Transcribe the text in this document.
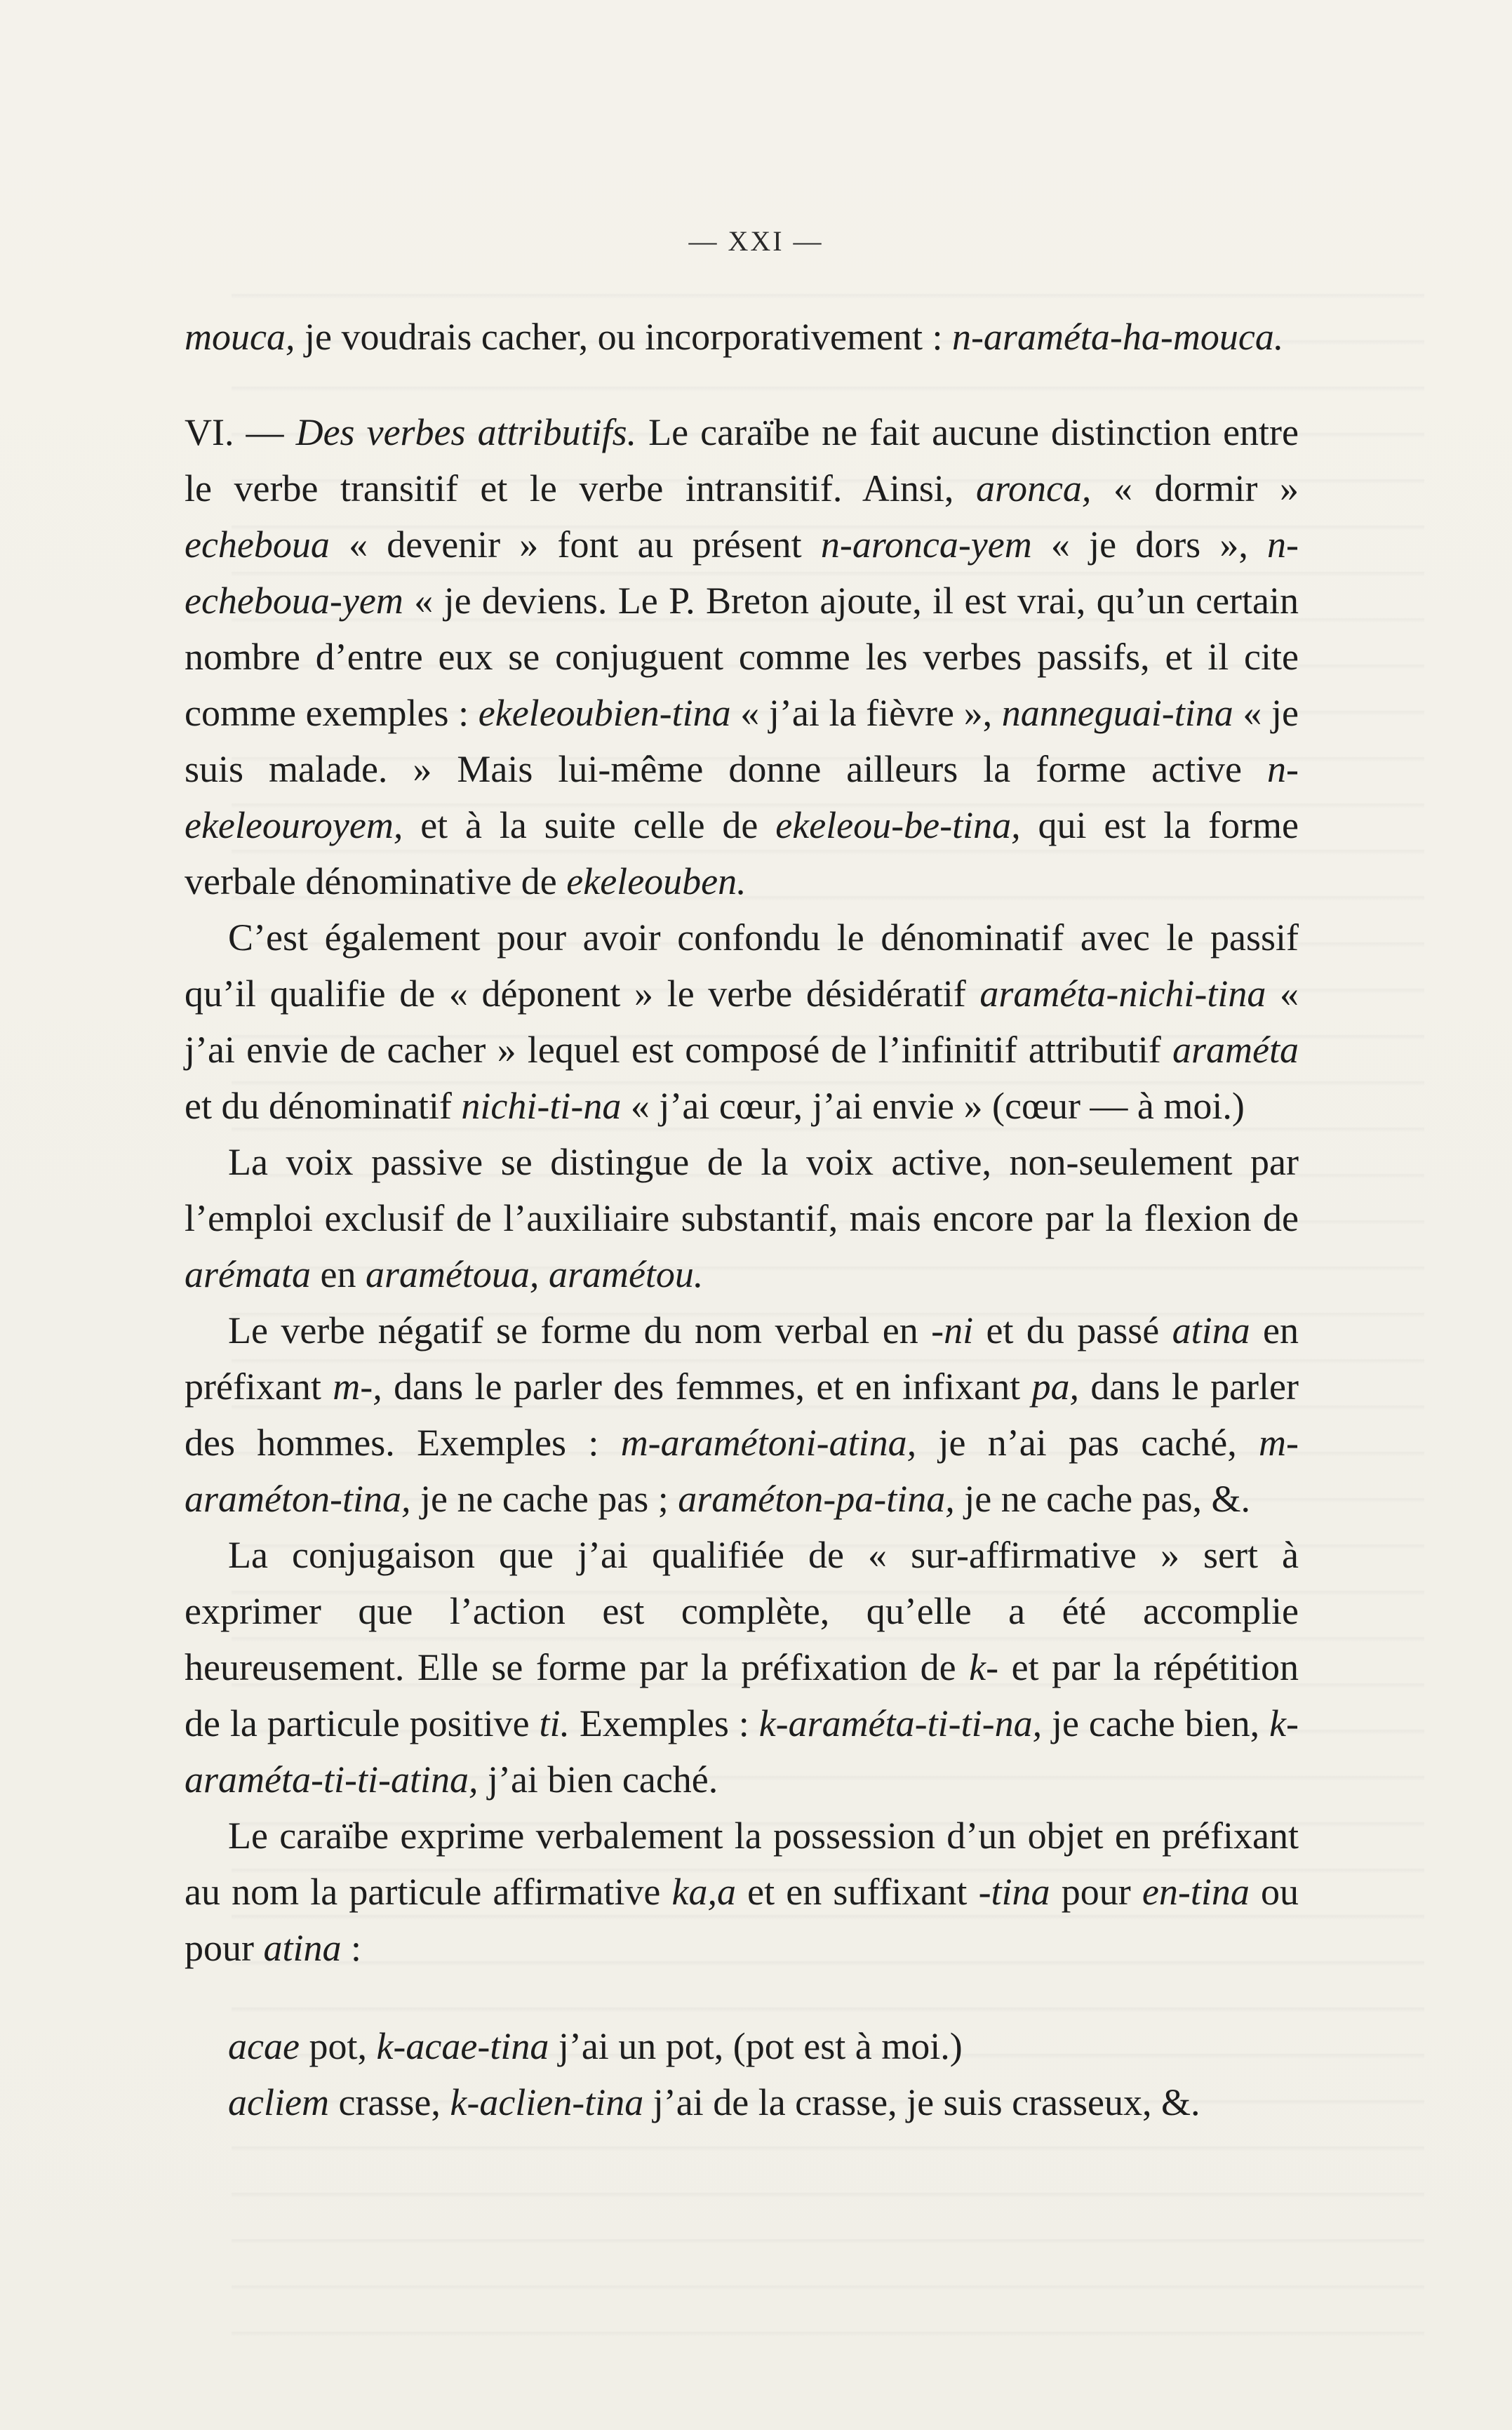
— XXI —

mouca, je voudrais cacher, ou incorporativement : n-araméta-ha-mouca.

VI. — Des verbes attributifs. Le caraïbe ne fait aucune distinction entre le verbe transitif et le verbe intransitif. Ainsi, aronca, « dormir » echeboua « devenir » font au présent n-aronca-yem « je dors », n-echeboua-yem « je deviens. Le P. Breton ajoute, il est vrai, qu’un certain nombre d’entre eux se conjuguent comme les verbes passifs, et il cite comme exemples : ekeleoubien-tina « j’ai la fièvre », nanneguai-tina « je suis malade. » Mais lui-même donne ailleurs la forme active n-ekeleouroyem, et à la suite celle de ekeleou-be-tina, qui est la forme verbale dénominative de ekeleouben.

C’est également pour avoir confondu le dénominatif avec le passif qu’il qualifie de « déponent » le verbe désidératif araméta-nichi-tina « j’ai envie de cacher » lequel est composé de l’infinitif attributif araméta et du dénominatif nichi-ti-na « j’ai cœur, j’ai envie » (cœur — à moi.)

La voix passive se distingue de la voix active, non-seulement par l’emploi exclusif de l’auxiliaire substantif, mais encore par la flexion de arémata en aramétoua, aramétou.

Le verbe négatif se forme du nom verbal en -ni et du passé atina en préfixant m-, dans le parler des femmes, et en infixant pa, dans le parler des hommes. Exemples : m-aramétoni-atina, je n’ai pas caché, m-araméton-tina, je ne cache pas ; araméton-pa-tina, je ne cache pas, &.

La conjugaison que j’ai qualifiée de « sur-affirmative » sert à exprimer que l’action est complète, qu’elle a été accomplie heureusement. Elle se forme par la préfixation de k- et par la répétition de la particule positive ti. Exemples : k-araméta-ti-ti-na, je cache bien, k-araméta-ti-ti-atina, j’ai bien caché.

Le caraïbe exprime verbalement la possession d’un objet en préfixant au nom la particule affirmative ka,a et en suffixant -tina pour en-tina ou pour atina :

acae pot, k-acae-tina j’ai un pot, (pot est à moi.)

acliem crasse, k-aclien-tina j’ai de la crasse, je suis crasseux, &.
